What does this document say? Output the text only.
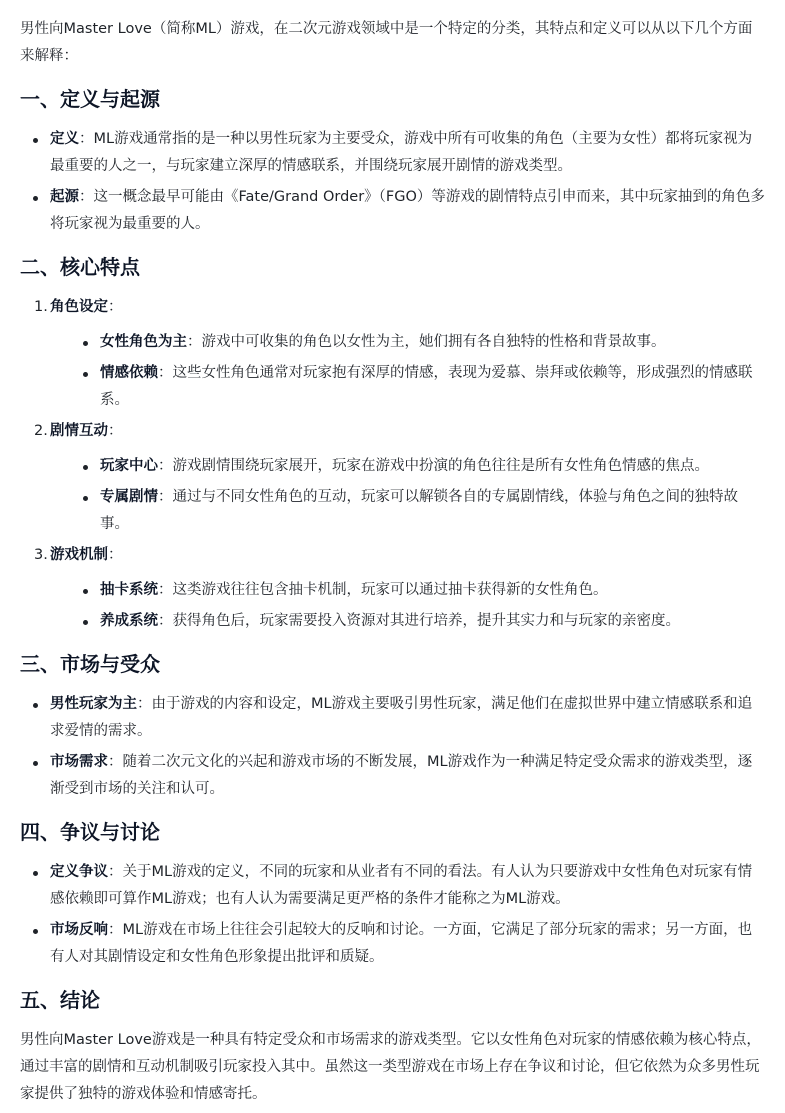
男性向Master Love（简称ML）游戏，在二次元游戏领域中是一个特定的分类，其特点和定义可以从以下几个方面来解释：

一、定义与起源
定义：ML游戏通常指的是一种以男性玩家为主要受众，游戏中所有可收集的角色（主要为女性）都将玩家视为最重要的人之一，与玩家建立深厚的情感联系，并围绕玩家展开剧情的游戏类型。
起源：这一概念最早可能由《Fate/Grand Order》（FGO）等游戏的剧情特点引申而来，其中玩家抽到的角色多将玩家视为最重要的人。
二、核心特点
1. 角色设定：
女性角色为主：游戏中可收集的角色以女性为主，她们拥有各自独特的性格和背景故事。
情感依赖：这些女性角色通常对玩家抱有深厚的情感，表现为爱慕、崇拜或依赖等，形成强烈的情感联系。
2. 剧情互动：
玩家中心：游戏剧情围绕玩家展开，玩家在游戏中扮演的角色往往是所有女性角色情感的焦点。
专属剧情：通过与不同女性角色的互动，玩家可以解锁各自的专属剧情线，体验与角色之间的独特故事。
3. 游戏机制：
抽卡系统：这类游戏往往包含抽卡机制，玩家可以通过抽卡获得新的女性角色。
养成系统：获得角色后，玩家需要投入资源对其进行培养，提升其实力和与玩家的亲密度。
三、市场与受众
男性玩家为主：由于游戏的内容和设定，ML游戏主要吸引男性玩家，满足他们在虚拟世界中建立情感联系和追求爱情的需求。
市场需求：随着二次元文化的兴起和游戏市场的不断发展，ML游戏作为一种满足特定受众需求的游戏类型，逐渐受到市场的关注和认可。
四、争议与讨论
定义争议：关于ML游戏的定义，不同的玩家和从业者有不同的看法。有人认为只要游戏中女性角色对玩家有情感依赖即可算作ML游戏；也有人认为需要满足更严格的条件才能称之为ML游戏。
市场反响：ML游戏在市场上往往会引起较大的反响和讨论。一方面，它满足了部分玩家的需求；另一方面，也有人对其剧情设定和女性角色形象提出批评和质疑。
五、结论

男性向Master Love游戏是一种具有特定受众和市场需求的游戏类型。它以女性角色对玩家的情感依赖为核心特点，通过丰富的剧情和互动机制吸引玩家投入其中。虽然这一类型游戏在市场上存在争议和讨论，但它依然为众多男性玩家提供了独特的游戏体验和情感寄托。
